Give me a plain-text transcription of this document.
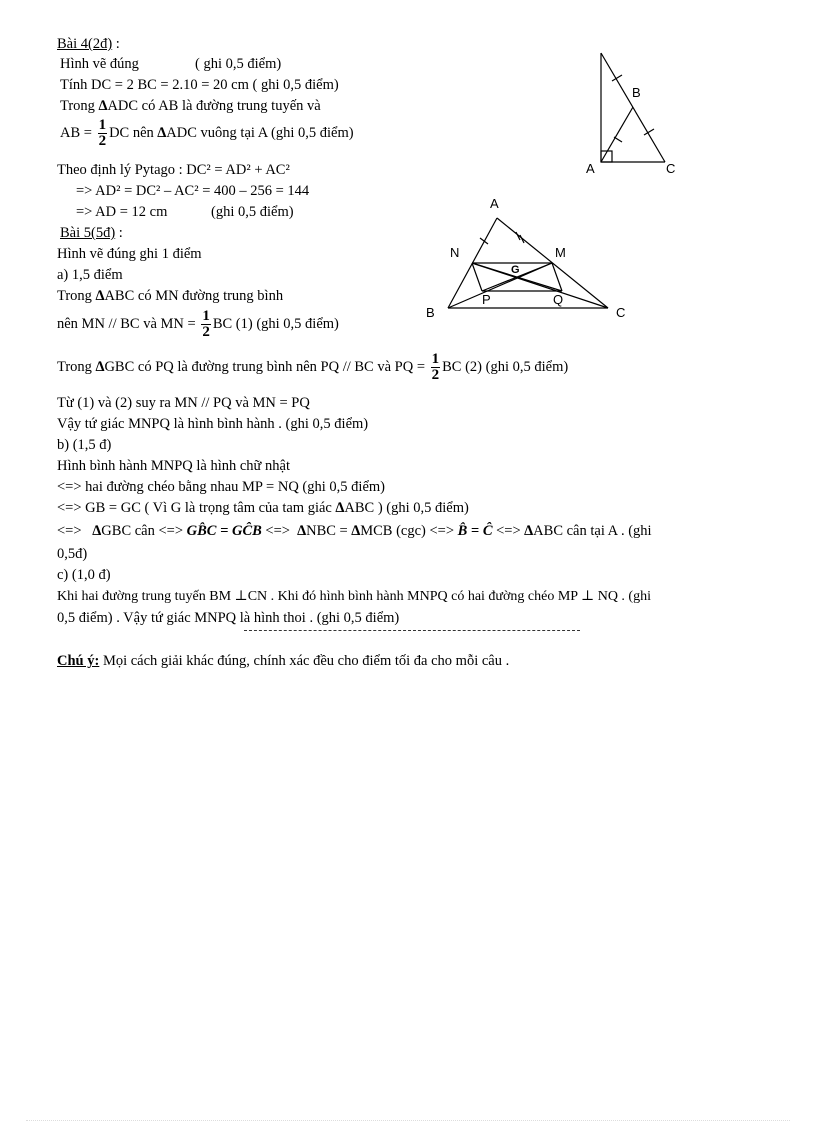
Bài 4(2đ) :
Hình vẽ đúng	( ghi 0,5 điểm)
Tính DC = 2 BC = 2.10 = 20 cm ( ghi 0,5 điểm)
Trong ∆ADC có AB là đường trung tuyến và
AB = $\frac{1}{2}$ DC nên ∆ADC vuông tại A (ghi 0,5 điểm)
Theo định lý Pytago : DC² = AD² + AC²
=> AD² = DC² – AC² = 400 – 256 = 144
=> AD = 12 cm	(ghi 0,5 điểm)
Bài 5(5đ) :
Hình vẽ đúng ghi 1 điểm
a) 1,5 điểm
Trong ∆ABC có MN đường trung bình
nên MN // BC và MN = $\frac{1}{2}$ BC (1) (ghi 0,5 điểm)
Trong ∆GBC có PQ là đường trung bình nên PQ // BC và PQ = $\frac{1}{2}$ BC (2) (ghi 0,5 điểm)
Từ (1) và (2) suy ra MN // PQ và MN = PQ
Vậy tứ giác MNPQ là hình bình hành . (ghi 0,5 điểm)
b) (1,5 đ)
Hình bình hành MNPQ là hình chữ nhật
<=> hai đường chéo bằng nhau MP = NQ (ghi 0,5 điểm)
<=> GB = GC ( Vì G là trọng tâm của tam giác ∆ABC ) (ghi 0,5 điểm)
<=> ∆GBC cân <=> GB̂C = GĈB <=> ∆NBC = ∆MCB (cgc) <=> B̂ = Ĉ <=> ∆ABC cân tại A . (ghi
0,5đ)
c) (1,0 đ)
Khi hai đường trung tuyến BM ⊥CN . Khi đó hình bình hành MNPQ có hai đường chéo MP ⊥ NQ . (ghi
0,5 điểm) . Vậy tứ giác MNPQ là hình thoi . (ghi 0,5 điểm)
Chú ý: Mọi cách giải khác đúng, chính xác đều cho điểm tối đa cho mỗi câu .
B
A	C
A
N	M
G
P	Q
B	C
